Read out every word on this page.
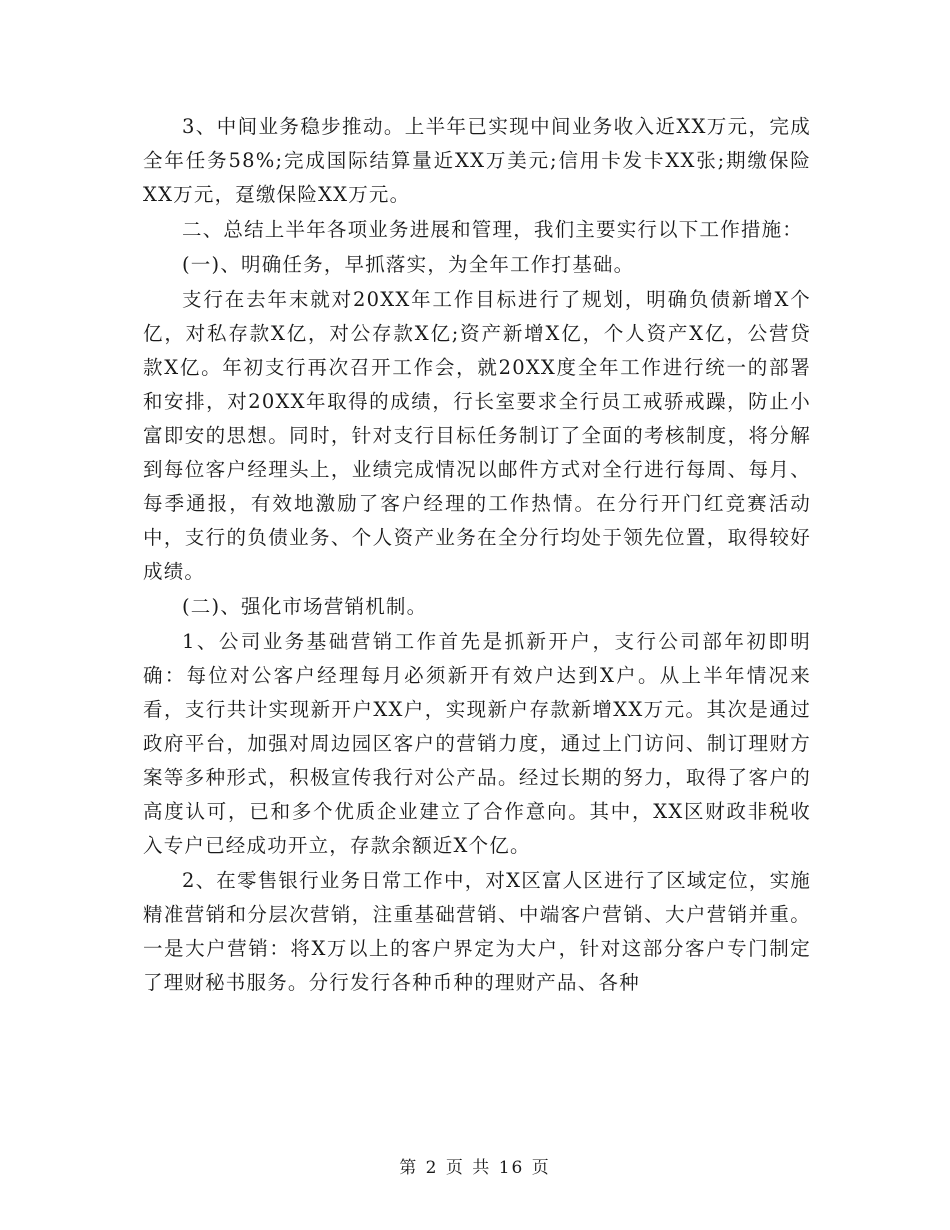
3、中间业务稳步推动。上半年已实现中间业务收入近XX万元，完成全年任务58%;完成国际结算量近XX万美元;信用卡发卡XX张;期缴保险XX万元，趸缴保险XX万元。

二、总结上半年各项业务进展和管理，我们主要实行以下工作措施：

(一)、明确任务，早抓落实，为全年工作打基础。

支行在去年末就对20XX年工作目标进行了规划，明确负债新增X个亿，对私存款X亿，对公存款X亿;资产新增X亿，个人资产X亿，公营贷款X亿。年初支行再次召开工作会，就20XX度全年工作进行统一的部署和安排，对20XX年取得的成绩，行长室要求全行员工戒骄戒躁，防止小富即安的思想。同时，针对支行目标任务制订了全面的考核制度，将分解到每位客户经理头上，业绩完成情况以邮件方式对全行进行每周、每月、每季通报，有效地激励了客户经理的工作热情。在分行开门红竞赛活动中，支行的负债业务、个人资产业务在全分行均处于领先位置，取得较好成绩。

(二)、强化市场营销机制。

1、公司业务基础营销工作首先是抓新开户，支行公司部年初即明确：每位对公客户经理每月必须新开有效户达到X户。从上半年情况来看，支行共计实现新开户XX户，实现新户存款新增XX万元。其次是通过政府平台，加强对周边园区客户的营销力度，通过上门访问、制订理财方案等多种形式，积极宣传我行对公产品。经过长期的努力，取得了客户的高度认可，已和多个优质企业建立了合作意向。其中，XX区财政非税收入专户已经成功开立，存款余额近X个亿。

2、在零售银行业务日常工作中，对X区富人区进行了区域定位，实施精准营销和分层次营销，注重基础营销、中端客户营销、大户营销并重。一是大户营销：将X万以上的客户界定为大户，针对这部分客户专门制定了理财秘书服务。分行发行各种币种的理财产品、各种

第 2 页 共 16 页
